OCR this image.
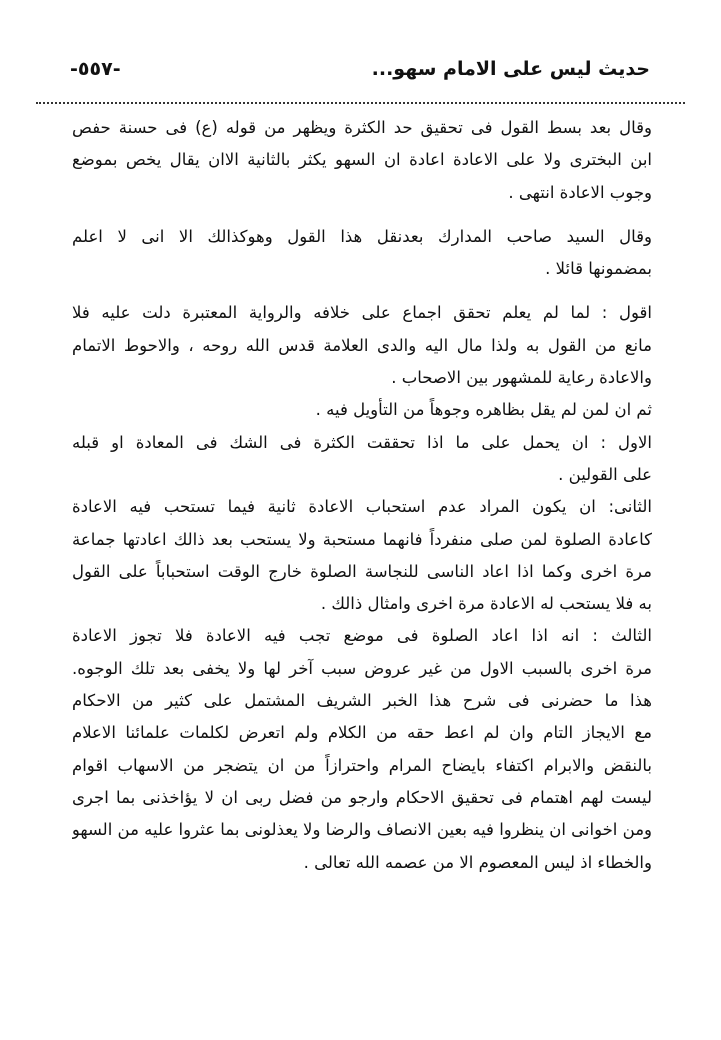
حديث ليس على الامام سهو...
-٥٥٧-
وقال بعد بسط القول فى تحقيق حد الكثرة ويظهر من قوله (ع) فى حسنة حفص
ابن البخترى ولا على الاعادة اعادة ان السهو يكثر بالثانية الاان يقال يخص بموضع
وجوب الاعادة انتهى .
وقال السيد صاحب المدارك بعدنقل هذا القول وهوكذالك الا انى لا اعلم
بمضمونها قائلا .
اقول : لما لم يعلم تحقق اجماع على خلافه والرواية المعتبرة دلت عليه فلا
مانع من القول به ولذا مال اليه والدى العلامة قدس الله روحه ، والاحوط الاتمام
والاعادة رعاية للمشهور بين الاصحاب .
ثم ان لمن لم يقل بظاهره وجوهاً من التأويل فيه .
الاول : ان يحمل على ما اذا تحققت الكثرة فى الشك فى المعادة او قبله
على القولين .
الثانى: ان يكون المراد عدم استحباب الاعادة ثانية فيما تستحب فيه الاعادة
كاعادة الصلوة لمن صلى منفرداً فانهما مستحبة ولا يستحب بعد ذالك اعادتها جماعة
مرة اخرى وكما اذا اعاد الناسى للنجاسة الصلوة خارج الوقت استحباباً على القول
به فلا يستحب له الاعادة مرة اخرى وامثال ذالك .
الثالث : انه اذا اعاد الصلوة فى موضع تجب فيه الاعادة فلا تجوز الاعادة
مرة اخرى بالسبب الاول من غير عروض سبب آخر لها ولا يخفى بعد تلك الوجوه.
هذا ما حضرنى فى شرح هذا الخبر الشريف المشتمل على كثير من الاحكام
مع الايجاز التام وان لم اعط حقه من الكلام ولم اتعرض لكلمات علمائنا الاعلام
بالنقض والابرام اكتفاء بايضاح المرام واحترازاً من ان يتضجر من الاسهاب اقوام
ليست لهم اهتمام فى تحقيق الاحكام وارجو من فضل ربى ان لا يؤاخذنى بما اجرى
ومن اخوانى ان ينظروا فيه بعين الانصاف والرضا ولا يعذلونى بما عثروا عليه من السهو
والخطاء اذ ليس المعصوم الا من عصمه الله تعالى .
